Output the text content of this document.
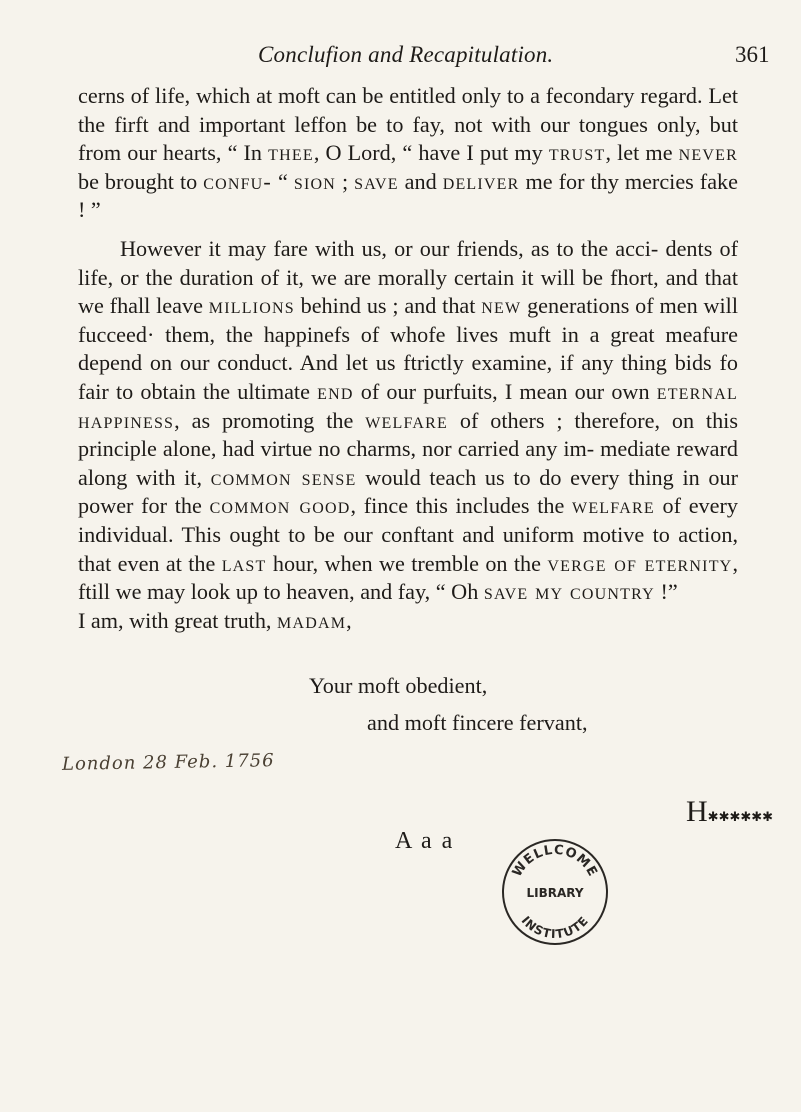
Conclufion and Recapitulation.	361

cerns of life, which at moft can be entitled only to a fecondary regard. Let the firft and important leffon be to fay, not with our tongues only, but from our hearts, “ In thee, O Lord, “ have I put my trust, let me never be brought to confu- “ sion ; save and deliver me for thy mercies fake ! ”

However it may fare with us, or our friends, as to the acci- dents of life, or the duration of it, we are morally certain it will be fhort, and that we fhall leave millions behind us ; and that new generations of men will fucceed· them, the happinefs of whofe lives muft in a great meafure depend on our conduct. And let us ftrictly examine, if any thing bids fo fair to obtain the ultimate end of our purfuits, I mean our own eternal happiness, as promoting the welfare of others ; therefore, on this principle alone, had virtue no charms, nor carried any im- mediate reward along with it, common sense would teach us to do every thing in our power for the common good, fince this includes the welfare of every individual. This ought to be our conftant and uniform motive to action, that even at the last hour, when we tremble on the verge of eternity, ftill we may look up to heaven, and fay, “ Oh save my country !”

I am, with great truth, madam,

Your moft obedient,
and moft fincere fervant,
London 28 Feb. 1756
H✱✱✱✱✱✱
A a a
WELLCOME
LIBRARY
INSTITUTE
